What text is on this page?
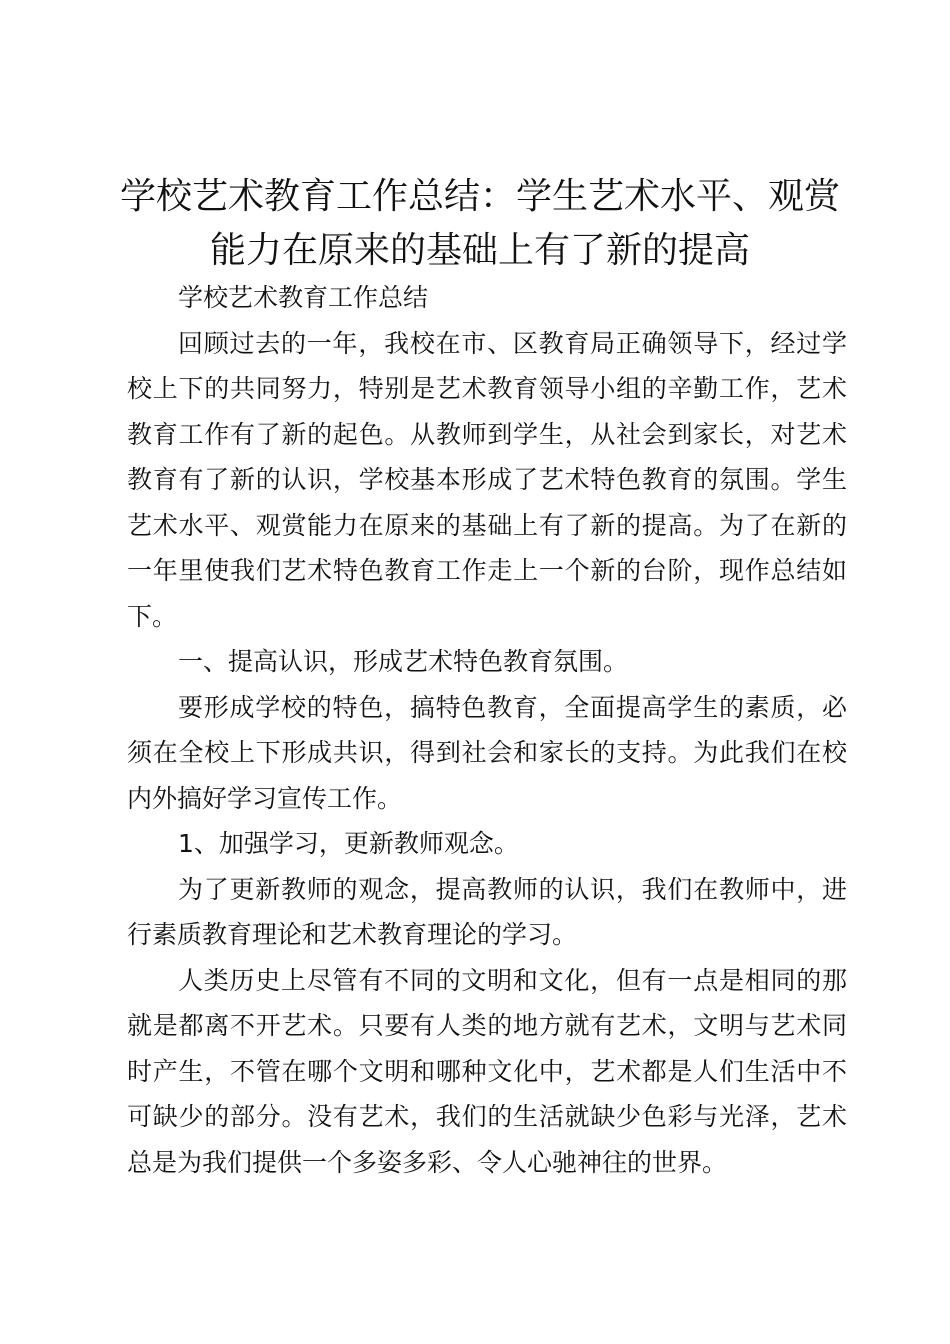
学校艺术教育工作总结：学生艺术水平、观赏能力在原来的基础上有了新的提高

学校艺术教育工作总结

回顾过去的一年，我校在市、区教育局正确领导下，经过学校上下的共同努力，特别是艺术教育领导小组的辛勤工作，艺术教育工作有了新的起色。从教师到学生，从社会到家长，对艺术教育有了新的认识，学校基本形成了艺术特色教育的氛围。学生艺术水平、观赏能力在原来的基础上有了新的提高。为了在新的一年里使我们艺术特色教育工作走上一个新的台阶，现作总结如下。

一、提高认识，形成艺术特色教育氛围。

要形成学校的特色，搞特色教育，全面提高学生的素质，必须在全校上下形成共识，得到社会和家长的支持。为此我们在校内外搞好学习宣传工作。

1、加强学习，更新教师观念。

为了更新教师的观念，提高教师的认识，我们在教师中，进行素质教育理论和艺术教育理论的学习。

人类历史上尽管有不同的文明和文化，但有一点是相同的那就是都离不开艺术。只要有人类的地方就有艺术，文明与艺术同时产生，不管在哪个文明和哪种文化中，艺术都是人们生活中不可缺少的部分。没有艺术，我们的生活就缺少色彩与光泽，艺术总是为我们提供一个多姿多彩、令人心驰神往的世界。
